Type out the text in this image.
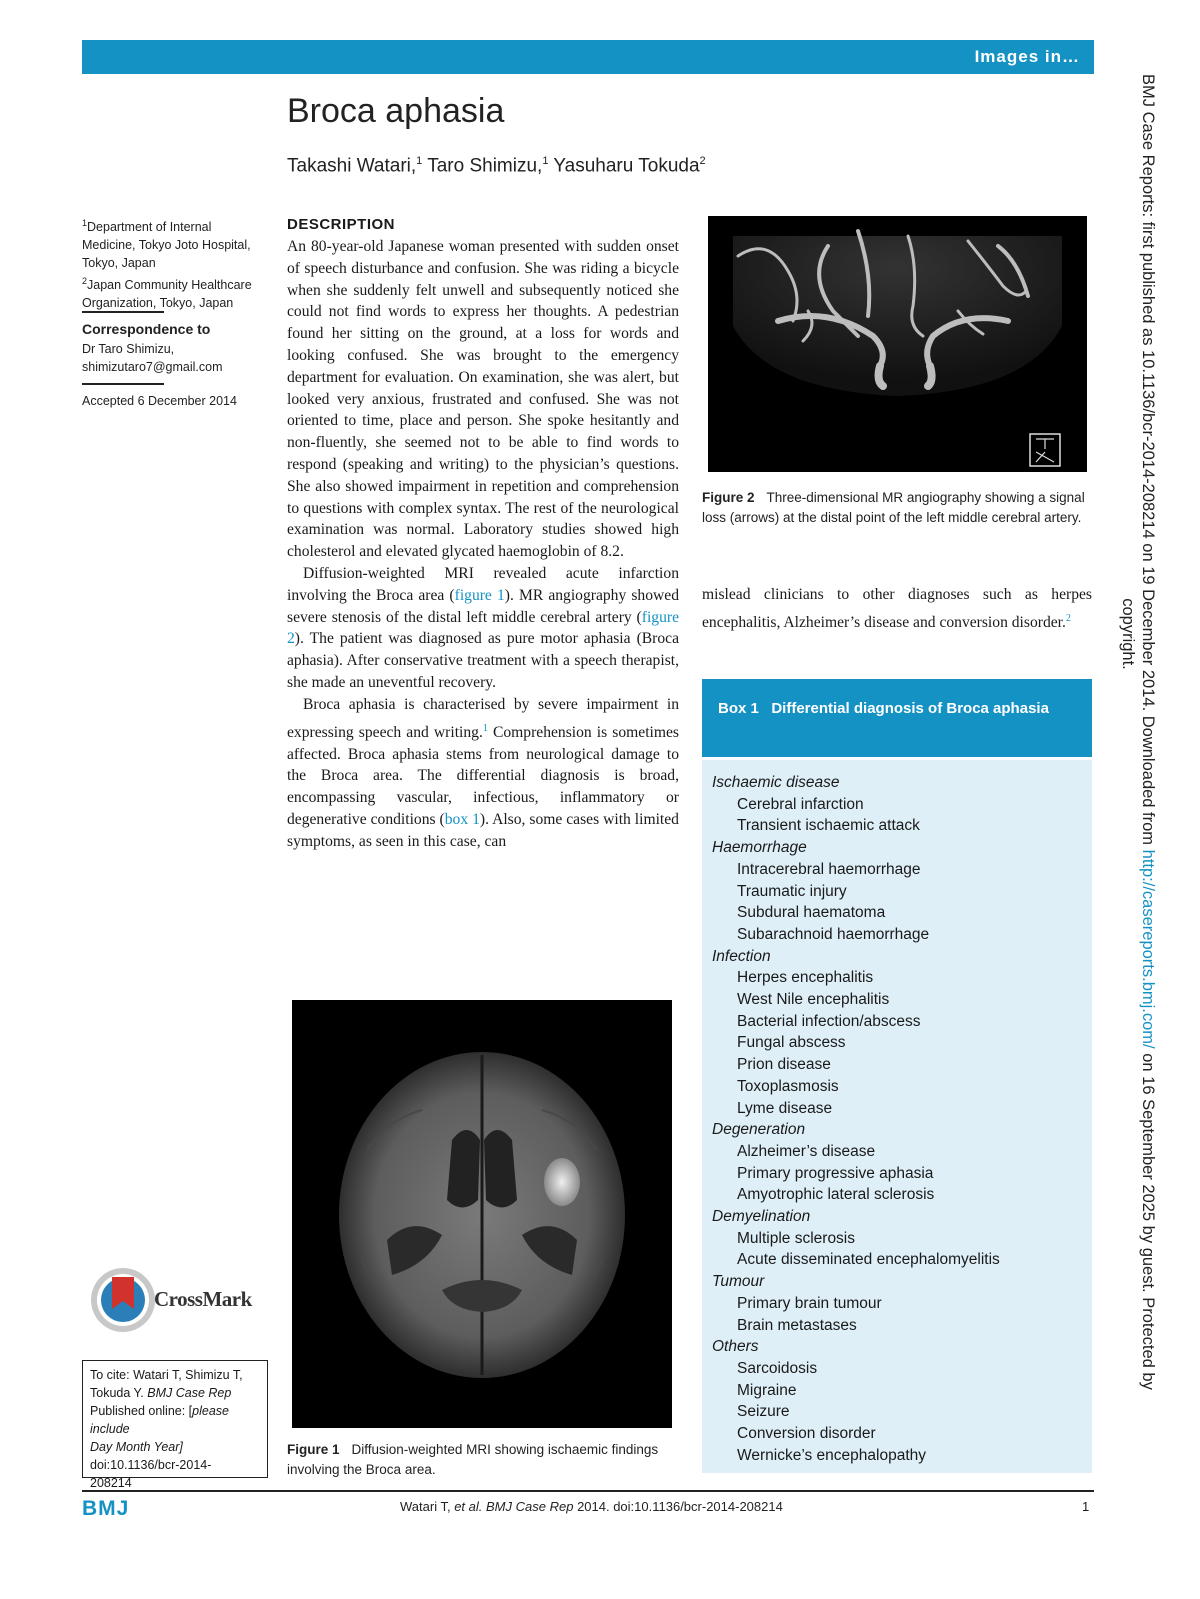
Images in…
Broca aphasia
Takashi Watari,$^1$ Taro Shimizu,$^1$ Yasuharu Tokuda$^2$
$^1$Department of Internal
Medicine, Tokyo Joto Hospital,
Tokyo, Japan
$^2$Japan Community Healthcare
Organization, Tokyo, Japan
Correspondence to
Dr Taro Shimizu,
shimizutaro7@gmail.com
Accepted 6 December 2014
CrossMark
To cite: Watari T, Shimizu T,
Tokuda Y. BMJ Case Rep
Published online: [please include
Day Month Year]
doi:10.1136/bcr-2014-
208214
DESCRIPTION

An 80-year-old Japanese woman presented with sudden onset of speech disturbance and confusion. She was riding a bicycle when she suddenly felt unwell and subsequently noticed she could not find words to express her thoughts. A pedestrian found her sitting on the ground, at a loss for words and looking confused. She was brought to the emergency department for evaluation. On examination, she was alert, but looked very anxious, frustrated and confused. She was not oriented to time, place and person. She spoke hesitantly and non-fluently, she seemed not to be able to find words to respond (speaking and writing) to the physician’s questions. She also showed impairment in repetition and comprehension to questions with complex syntax. The rest of the neurological examination was normal. Laboratory studies showed high cholesterol and elevated glycated haemoglobin of 8.2.

Diffusion-weighted MRI revealed acute infarction involving the Broca area (figure 1). MR angiography showed severe stenosis of the distal left middle cerebral artery (figure 2). The patient was diagnosed as pure motor aphasia (Broca aphasia). After conservative treatment with a speech therapist, she made an uneventful recovery.

Broca aphasia is characterised by severe impairment in expressing speech and writing.$^1$ Comprehension is sometimes affected. Broca aphasia stems from neurological damage to the Broca area. The differential diagnosis is broad, encompassing vascular, infectious, inflammatory or degenerative conditions (box 1). Also, some cases with limited symptoms, as seen in this case, can

Figure 1 Diffusion-weighted MRI showing ischaemic findings involving the Broca area.
Figure 2 Three-dimensional MR angiography showing a signal loss (arrows) at the distal point of the left middle cerebral artery.

mislead clinicians to other diagnoses such as herpes encephalitis, Alzheimer’s disease and conversion disorder.$^2$

Box 1   Differential diagnosis of Broca aphasia
Ischaemic disease
Cerebral infarction
Transient ischaemic attack
Haemorrhage
Intracerebral haemorrhage
Traumatic injury
Subdural haematoma
Subarachnoid haemorrhage
Infection
Herpes encephalitis
West Nile encephalitis
Bacterial infection/abscess
Fungal abscess
Prion disease
Toxoplasmosis
Lyme disease
Degeneration
Alzheimer’s disease
Primary progressive aphasia
Amyotrophic lateral sclerosis
Demyelination
Multiple sclerosis
Acute disseminated encephalomyelitis
Tumour
Primary brain tumour
Brain metastases
Others
Sarcoidosis
Migraine
Seizure
Conversion disorder
Wernicke’s encephalopathy
BMJ Case Reports: first published as 10.1136/bcr-2014-208214 on 19 December 2014. Downloaded from http://casereports.bmj.com/ on 16 September 2025 by guest. Protected by
copyright.
BMJ	Watari T, et al. BMJ Case Rep 2014. doi:10.1136/bcr-2014-208214	1
